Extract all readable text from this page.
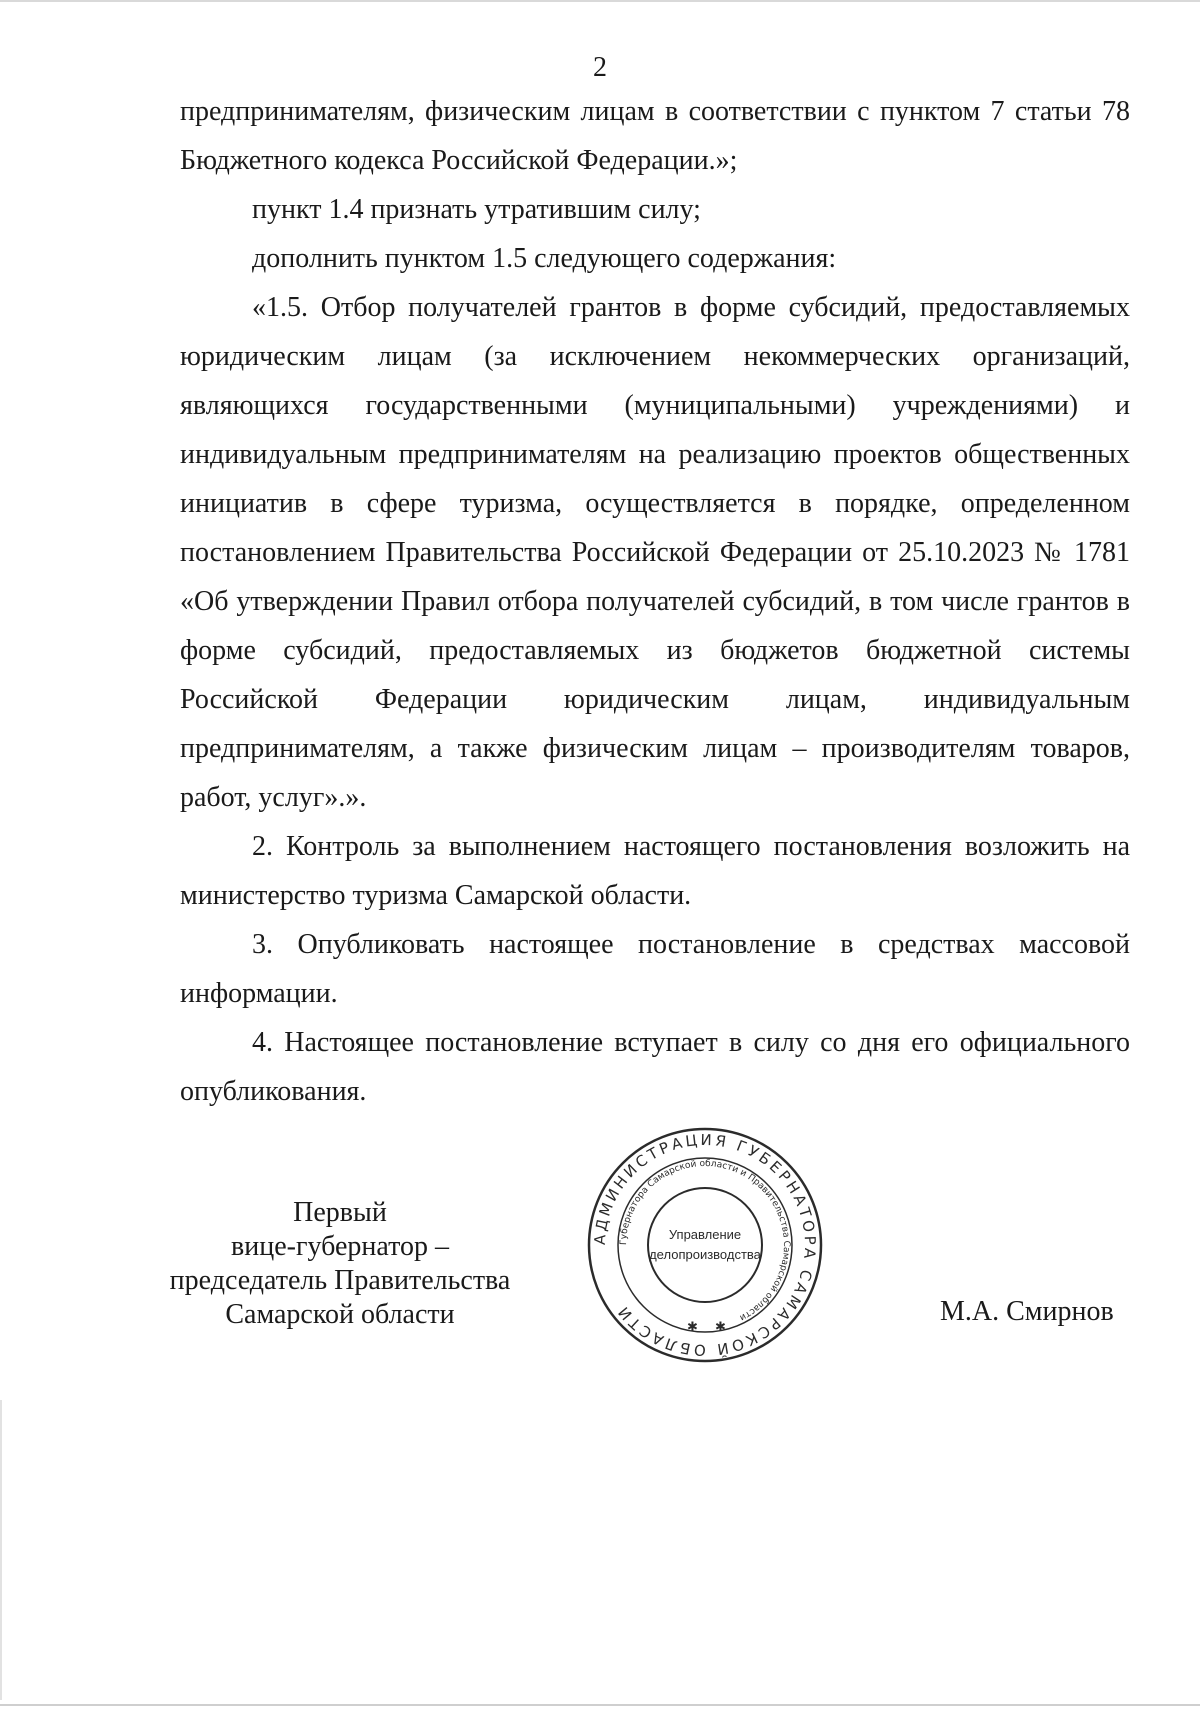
2

предпринимателям, физическим лицам в соответствии с пунктом 7 статьи 78 Бюджетного кодекса Российской Федерации.»;

пункт 1.4 признать утратившим силу;

дополнить пунктом 1.5 следующего содержания:

«1.5. Отбор получателей грантов в форме субсидий, предоставляемых юридическим лицам (за исключением некоммерческих организаций, являющихся государственными (муниципальными) учреждениями) и индивидуальным предпринимателям на реализацию проектов общественных инициатив в сфере туризма, осуществляется в порядке, определенном постановлением Правительства Российской Федерации от 25.10.2023 № 1781 «Об утверждении Правил отбора получателей субсидий, в том числе грантов в форме субсидий, предоставляемых из бюджетов бюджетной системы Российской Федерации юридическим лицам, индивидуальным предпринимателям, а также физическим лицам – производителям товаров, работ, услуг».».

2. Контроль за выполнением настоящего постановления возложить на министерство туризма Самарской области.

3. Опубликовать настоящее постановление в средствах массовой информации.

4. Настоящее постановление вступает в силу со дня его официального опубликования.

Первый
вице-губернатор –
председатель Правительства
Самарской области
АДМИНИСТРАЦИЯ ГУБЕРНАТОРА САМАРСКОЙ ОБЛАСТИ
Губернатора Самарской области и Правительства Самарской области
Управление
делопроизводства
✱ ✱
М.А. Смирнов
